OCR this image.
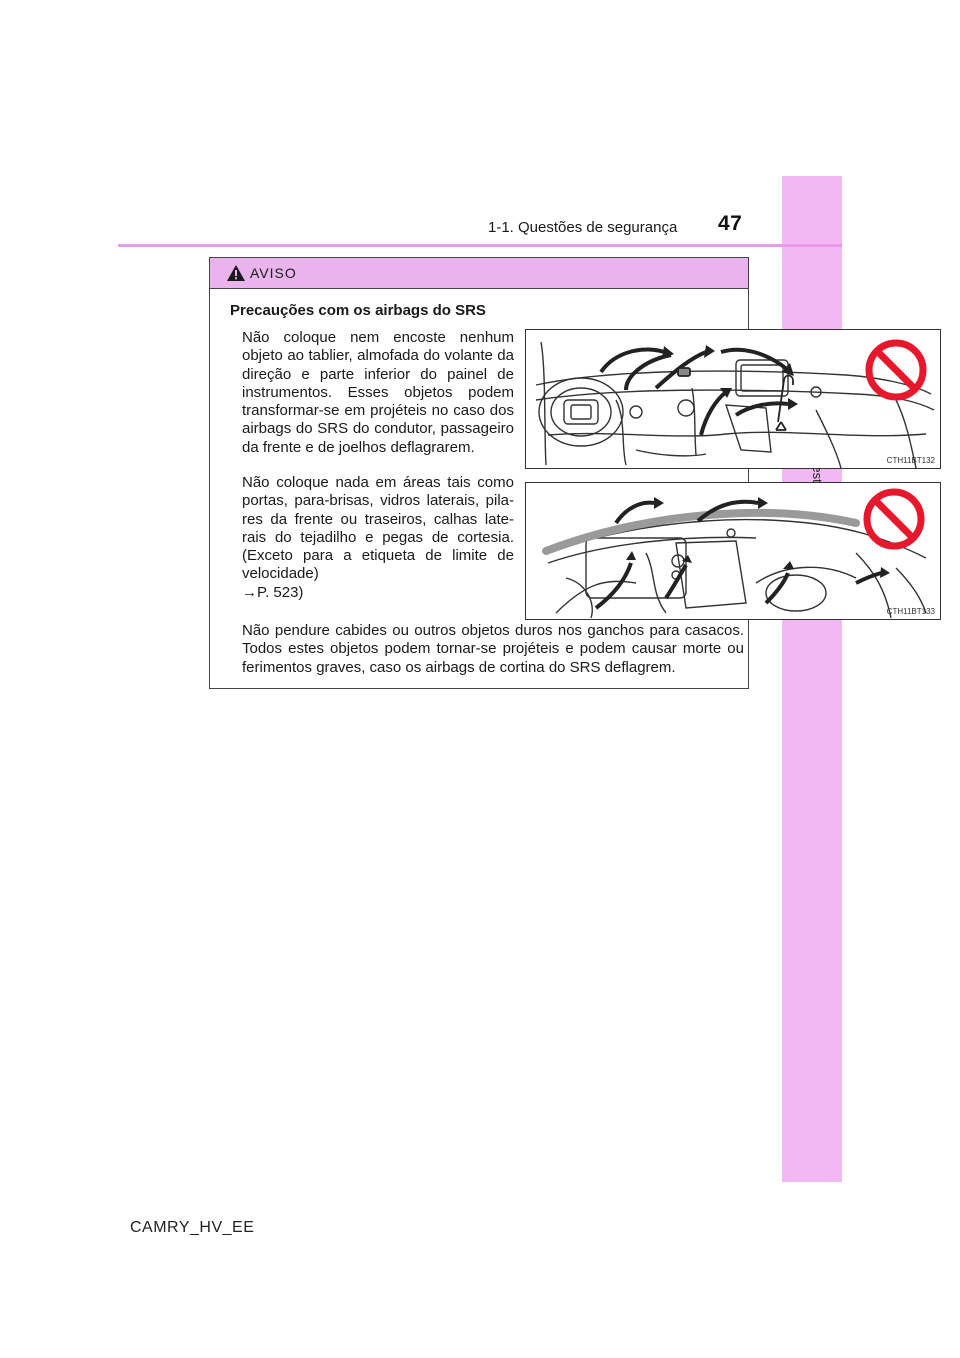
Questões
1-1. Questões de segurança 47
AVISO
Precauções com os airbags do SRS
Não coloque nem encoste nenhum objeto ao tablier, almofada do volante da direção e parte inferior do painel de instrumentos. Esses objetos podem transformar-se em projéteis no caso dos airbags do SRS do condutor, passageiro da frente e de joelhos deflagrarem.
CTH11BT132
Não coloque nada em áreas tais como portas, para-brisas, vidros laterais, pila-res da frente ou traseiros, calhas late-rais do tejadilho e pegas de cortesia. (Exceto para a etiqueta de limite de velocidade)
→P. 523)
CTH11BT133
Não pendure cabides ou outros objetos duros nos ganchos para casacos. Todos estes objetos podem tornar-se projéteis e podem causar morte ou ferimentos graves, caso os airbags de cortina do SRS deflagrem.
CAMRY_HV_EE
